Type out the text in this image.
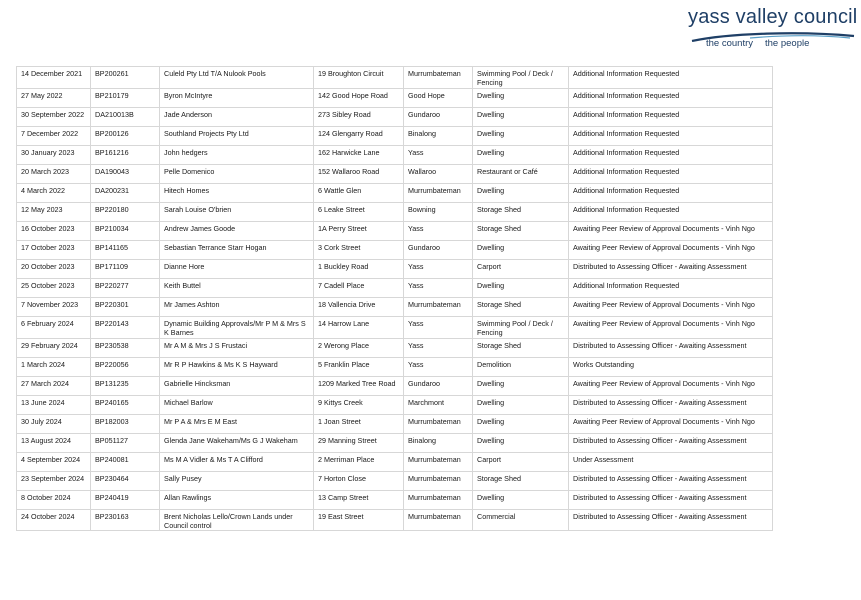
yass valley council
the country the people
14 December 2021	BP200261	Culeld Pty Ltd T/A Nulook Pools	19 Broughton Circuit	Murrumbateman	Swimming Pool / Deck / Fencing	Additional Information Requested
27 May 2022	BP210179	Byron McIntyre	142 Good Hope Road	Good Hope	Dwelling	Additional Information Requested
30 September 2022	DA210013B	Jade Anderson	273 Sibley Road	Gundaroo	Dwelling	Additional Information Requested
7 December 2022	BP200126	Southland Projects Pty Ltd	124 Glengarry Road	Binalong	Dwelling	Additional Information Requested
30 January 2023	BP161216	John hedgers	162 Harwicke Lane	Yass	Dwelling	Additional Information Requested
20 March 2023	DA190043	Pelle Domenico	152 Wallaroo Road	Wallaroo	Restaurant or Café	Additional Information Requested
4 March 2022	DA200231	Hitech Homes	6 Wattle Glen	Murrumbateman	Dwelling	Additional Information Requested
12 May 2023	BP220180	Sarah Louise O'brien	6 Leake Street	Bowning	Storage Shed	Additional Information Requested
16 October 2023	BP210034	Andrew James Goode	1A Perry Street	Yass	Storage Shed	Awaiting Peer Review of Approval Documents - Vinh Ngo
17 October 2023	BP141165	Sebastian Terrance Starr Hogan	3 Cork Street	Gundaroo	Dwelling	Awaiting Peer Review of Approval Documents - Vinh Ngo
20 October 2023	BP171109	Dianne Hore	1 Buckley Road	Yass	Carport	Distributed to Assessing Officer - Awaiting Assessment
25 October 2023	BP220277	Keith Buttel	7 Cadell Place	Yass	Dwelling	Additional Information Requested
7 November 2023	BP220301	Mr James Ashton	18 Vallencia Drive	Murrumbateman	Storage Shed	Awaiting Peer Review of Approval Documents - Vinh Ngo
6 February 2024	BP220143	Dynamic Building Approvals/Mr P M & Mrs S K Barnes	14 Harrow Lane	Yass	Swimming Pool / Deck / Fencing	Awaiting Peer Review of Approval Documents - Vinh Ngo
29 February 2024	BP230538	Mr A M & Mrs J S Frustaci	2 Werong Place	Yass	Storage Shed	Distributed to Assessing Officer - Awaiting Assessment
1 March 2024	BP220056	Mr R P Hawkins & Ms K S Hayward	5 Franklin Place	Yass	Demolition	Works Outstanding
27 March 2024	BP131235	Gabrielle Hincksman	1209 Marked Tree Road	Gundaroo	Dwelling	Awaiting Peer Review of Approval Documents - Vinh Ngo
13 June 2024	BP240165	Michael Barlow	9 Kittys Creek	Marchmont	Dwelling	Distributed to Assessing Officer - Awaiting Assessment
30 July 2024	BP182003	Mr P A & Mrs E M East	1 Joan Street	Murrumbateman	Dwelling	Awaiting Peer Review of Approval Documents - Vinh Ngo
13 August 2024	BP051127	Glenda Jane Wakeham/Ms G J Wakeham	29 Manning Street	Binalong	Dwelling	Distributed to Assessing Officer - Awaiting Assessment
4 September 2024	BP240081	Ms M A Vidler & Ms T A Clifford	2 Merriman Place	Murrumbateman	Carport	Under Assessment
23 September 2024	BP230464	Sally Pusey	7 Horton Close	Murrumbateman	Storage Shed	Distributed to Assessing Officer - Awaiting Assessment
8 October 2024	BP240419	Allan Rawlings	13 Camp Street	Murrumbateman	Dwelling	Distributed to Assessing Officer - Awaiting Assessment
24 October 2024	BP230163	Brent Nicholas Lello/Crown Lands under Council control	19 East Street	Murrumbateman	Commercial	Distributed to Assessing Officer - Awaiting Assessment
